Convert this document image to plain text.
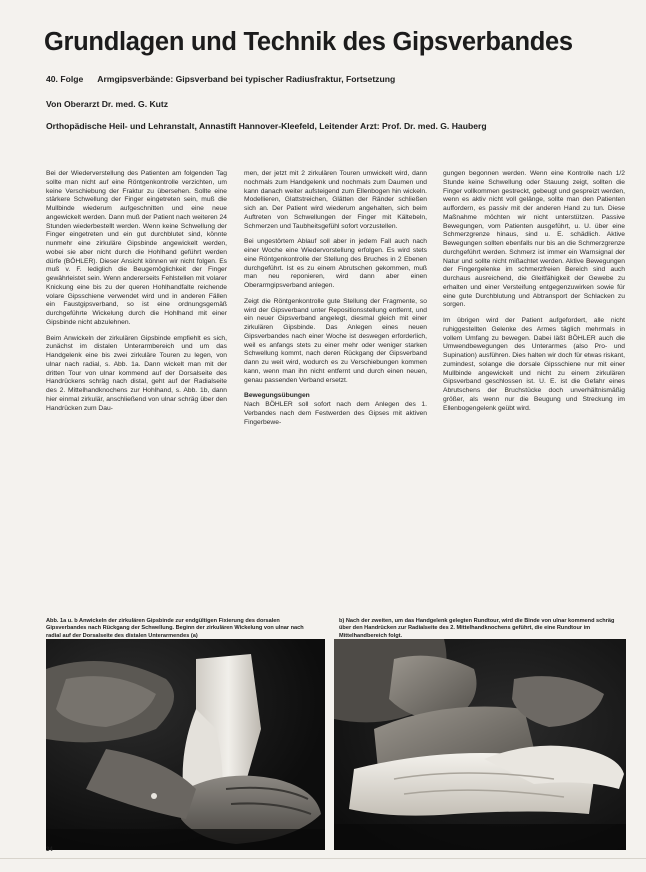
Grundlagen und Technik des Gipsverbandes
40. Folge Armgipsverbände: Gipsverband bei typischer Radiusfraktur, Fortsetzung
Von Oberarzt Dr. med. G. Kutz
Orthopädische Heil- und Lehranstalt, Annastift Hannover-Kleefeld, Leitender Arzt: Prof. Dr. med. G. Hauberg

Bei der Wiederverstellung des Patienten am folgenden Tag sollte man nicht auf eine Röntgenkontrolle verzichten, um keine Verschiebung der Fraktur zu übersehen. Sollte eine stärkere Schwellung der Finger eingetreten sein, muß die Mullbinde wiederum aufgeschnitten und eine neue angewickelt werden. Dann muß der Patient nach weiteren 24 Stunden wiederbestellt werden. Wenn keine Schwellung der Finger eingetreten und ein gut durchblutet sind, könnte nunmehr eine zirkuläre Gipsbinde angewickelt werden, wobei sie aber nicht durch die Hohlhand geführt werden dürfe (BÖHLER). Dieser Ansicht können wir nicht folgen. Es muß v. F. lediglich die Beugemöglichkeit der Finger gewährleistet sein. Wenn andererseits Fehlstellen mit volarer Knickung eine bis zu der queren Hohlhandfalte reichende volare Gipsschiene verwendet wird und in anderen Fällen ein Faustgipsverband, so ist eine ordnungsgemäß durchgeführte Wickelung durch die Hohlhand mit einer Gipsbinde nicht abzulehnen.

Beim Anwickeln der zirkulären Gipsbinde empfiehlt es sich, zunächst im distalen Unterarmbereich und um das Handgelenk eine bis zwei zirkuläre Touren zu legen, von ulnar nach radial, s. Abb. 1a. Dann wickelt man mit der dritten Tour von ulnar kommend auf der Dorsalseite des Handrückens schräg nach distal, geht auf der Radialseite des 2. Mittelhandknochens zur Hohlhand, s. Abb. 1b, dann hier einmal zirkulär, anschließend von ulnar schräg über den Handrücken zum Dau-

men, der jetzt mit 2 zirkulären Touren umwickelt wird, dann nochmals zum Handgelenk und nochmals zum Daumen und kann danach weiter aufsteigend zum Ellenbogen hin wickeln. Modellieren, Glattstreichen, Glätten der Ränder schließen sich an. Der Patient wird wiederum angehalten, sich beim Auftreten von Schwellungen der Finger mit Kältebeln, Schmerzen und Taubheitsgefühl sofort vorzustellen.

Bei ungestörtem Ablauf soll aber in jedem Fall auch nach einer Woche eine Wiedervorstellung erfolgen. Es wird stets eine Röntgenkontrolle der Stellung des Bruches in 2 Ebenen durchgeführt. Ist es zu einem Abrutschen gekommen, muß man neu reponieren, wird dann aber einen Oberarmgipsverband anlegen.

Zeigt die Röntgenkontrolle gute Stellung der Fragmente, so wird der Gipsverband unter Repositionsstellung entfernt, und ein neuer Gipsverband angelegt, diesmal gleich mit einer zirkulären Gipsbinde. Das Anlegen eines neuen Gipsverbandes nach einer Woche ist deswegen erforderlich, weil es anfangs stets zu einer mehr oder weniger starken Schwellung kommt, nach deren Rückgang der Gipsverband dann zu weit wird, wodurch es zu Verschiebungen kommen kann, wenn man ihn nicht entfernt und durch einen neuen, genau passenden Verband ersetzt.

Bewegungsübungen

Nach BÖHLER soll sofort nach dem Anlegen des 1. Verbandes nach dem Festwerden des Gipses mit aktiven Fingerbewe-

gungen begonnen werden. Wenn eine Kontrolle nach 1/2 Stunde keine Schwellung oder Stauung zeigt, sollten die Finger vollkommen gestreckt, gebeugt und gespreizt werden, wenn es aktiv nicht voll gelänge, sollte man den Patienten auffordern, es passiv mit der anderen Hand zu tun. Diese Maßnahme möchten wir nicht unterstützen. Passive Bewegungen, vom Patienten ausgeführt, u. U. über eine Schmerzgrenze hinaus, sind u. E. schädlich. Aktive Bewegungen sollten ebenfalls nur bis an die Schmerzgrenze durchgeführt werden. Schmerz ist immer ein Warnsignal der Natur und sollte nicht mißachtet werden. Aktive Bewegungen der Fingergelenke im schmerzfreien Bereich sind auch durchaus ausreichend, die Gleitfähigkeit der Gewebe zu erhalten und einer Versteifung entgegenzuwirken sowie für eine gute Durchblutung und Abtransport der Schlacken zu sorgen.

Im übrigen wird der Patient aufgefordert, alle nicht ruhiggestellten Gelenke des Armes täglich mehrmals in vollem Umfang zu bewegen. Dabei läßt BÖHLER auch die Umwendbewegungen des Unterarmes (also Pro- und Supination) ausführen. Dies halten wir doch für etwas riskant, zumindest, solange die dorsale Gipsschiene nur mit einer Mullbinde angewickelt und nicht zu einem zirkulären Gipsverband geschlossen ist. U. E. ist die Gefahr eines Abrutschens der Bruchstücke doch unverhältnismäßig größer, als wenn nur die Beugung und Streckung im Ellenbogengelenk geübt wird.

Abb. 1a u. b Anwickeln der zirkulären Gipsbinde zur endgültigen Fixierung des dorsalen Gipsverbandes nach Rückgang der Schwellung. Beginn der zirkulären Wickelung von ulnar nach radial auf der Dorsalseite des distalen Unterarmendes (a)
b) Nach der zweiten, um das Handgelenk gelegten Rundtour, wird die Binde von ulnar kommend schräg über den Handrücken zur Radialseite des 2. Mittelhandknochens geführt, die eine Rundtour im Mittelhandbereich folgt.
34
